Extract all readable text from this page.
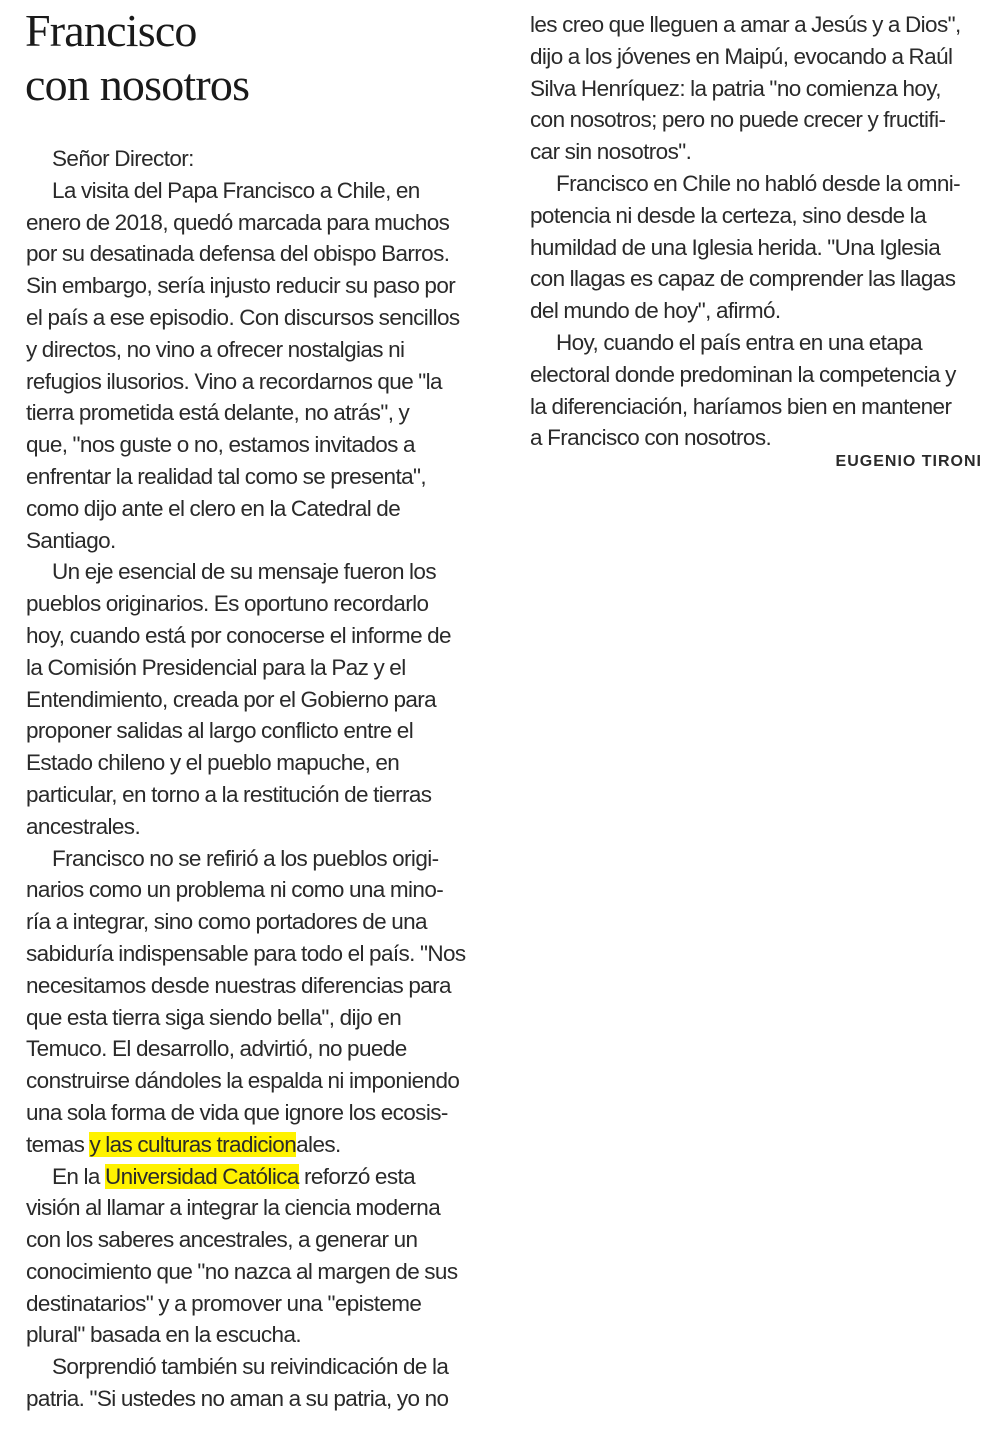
Francisco
con nosotros
Señor Director:
La visita del Papa Francisco a Chile, en
enero de 2018, quedó marcada para muchos
por su desatinada defensa del obispo Barros.
Sin embargo, sería injusto reducir su paso por
el país a ese episodio. Con discursos sencillos
y directos, no vino a ofrecer nostalgias ni
refugios ilusorios. Vino a recordarnos que "la
tierra prometida está delante, no atrás", y
que, "nos guste o no, estamos invitados a
enfrentar la realidad tal como se presenta",
como dijo ante el clero en la Catedral de
Santiago.
Un eje esencial de su mensaje fueron los
pueblos originarios. Es oportuno recordarlo
hoy, cuando está por conocerse el informe de
la Comisión Presidencial para la Paz y el
Entendimiento, creada por el Gobierno para
proponer salidas al largo conflicto entre el
Estado chileno y el pueblo mapuche, en
particular, en torno a la restitución de tierras
ancestrales.
Francisco no se refirió a los pueblos origi-
narios como un problema ni como una mino-
ría a integrar, sino como portadores de una
sabiduría indispensable para todo el país. "Nos
necesitamos desde nuestras diferencias para
que esta tierra siga siendo bella", dijo en
Temuco. El desarrollo, advirtió, no puede
construirse dándoles la espalda ni imponiendo
una sola forma de vida que ignore los ecosis-
temas y las culturas tradicionales.
En la Universidad Católica reforzó esta
visión al llamar a integrar la ciencia moderna
con los saberes ancestrales, a generar un
conocimiento que "no nazca al margen de sus
destinatarios" y a promover una "episteme
plural" basada en la escucha.
Sorprendió también su reivindicación de la
patria. "Si ustedes no aman a su patria, yo no
les creo que lleguen a amar a Jesús y a Dios",
dijo a los jóvenes en Maipú, evocando a Raúl
Silva Henríquez: la patria "no comienza hoy,
con nosotros; pero no puede crecer y fructifi-
car sin nosotros".
Francisco en Chile no habló desde la omni-
potencia ni desde la certeza, sino desde la
humildad de una Iglesia herida. "Una Iglesia
con llagas es capaz de comprender las llagas
del mundo de hoy", afirmó.
Hoy, cuando el país entra en una etapa
electoral donde predominan la competencia y
la diferenciación, haríamos bien en mantener
a Francisco con nosotros.
EUGENIO TIRONI
